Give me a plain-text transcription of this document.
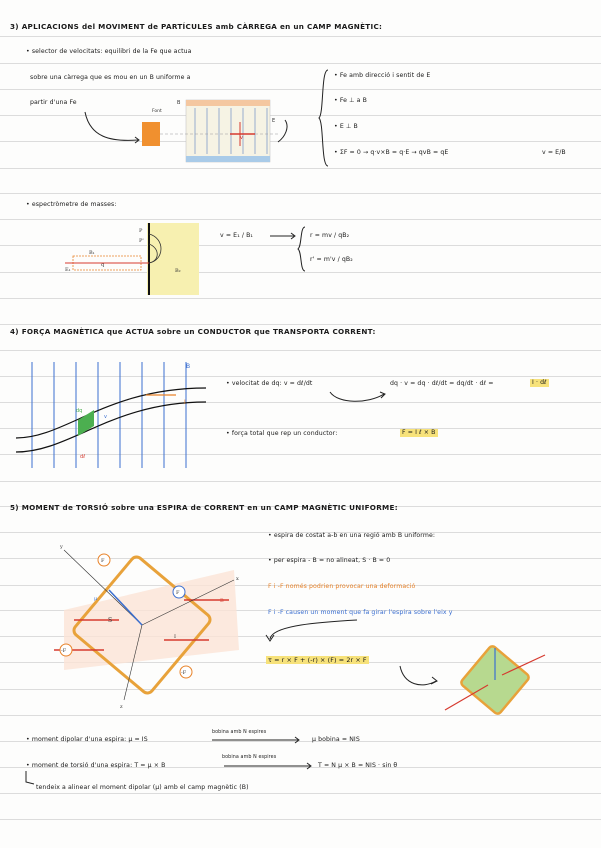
3) APLICACIONS del MOVIMENT de PARTÍCULES amb CÀRREGA en un CAMP MAGNÈTIC:
• selector de velocitats: equilibri de la Fe que actua
sobre una càrrega que es mou en un B uniforme a
partir d'una Fe
Font
B
E
v
• Fe amb direcció i sentit de E
• Fe ⊥ a B
• E ⊥ B
• ΣF = 0 → q·v×B = q·E → qvB = qE	v = E/B
• espectròmetre de masses:
P
P'
B₁
B₂
E₁
q
v = E₁ / B₁	r = mv / qB₂
r' = m'v / qB₂
4) FORÇA MAGNÈTICA que ACTUA sobre un CONDUCTOR que TRANSPORTA CORRENT:
B
I
dq
v
dℓ
• velocitat de dq: v = dℓ/dt	dq · v = dq · dℓ/dt = dq/dt · dℓ =	I · dℓ
• força total que rep un conductor:	F = I ℓ × B
5) MOMENT de TORSIÓ sobre una ESPIRA de CORRENT en un CAMP MAGNÈTIC UNIFORME:
F
F
-F
-F
S
y
x
z
μ	B
I
• espira de costat a-b en una regió amb B uniforme:
• per espira - B = no alineat, S · B = 0
F i -F només podrien provocar una deformació
F i -F causen un moment que fa girar l'espira sobre l'eix y
τ = r × F + (-r) × (F) = 2r × F
• moment dipolar d'una espira: μ = IS
bobina amb N espires
μ bobina = NIS
• moment de torsió d'una espira: T = μ × B
bobina amb N espires
T = N μ × B = NIS · sin θ
tendeix a alinear el moment dipolar (μ) amb el camp magnètic (B)
